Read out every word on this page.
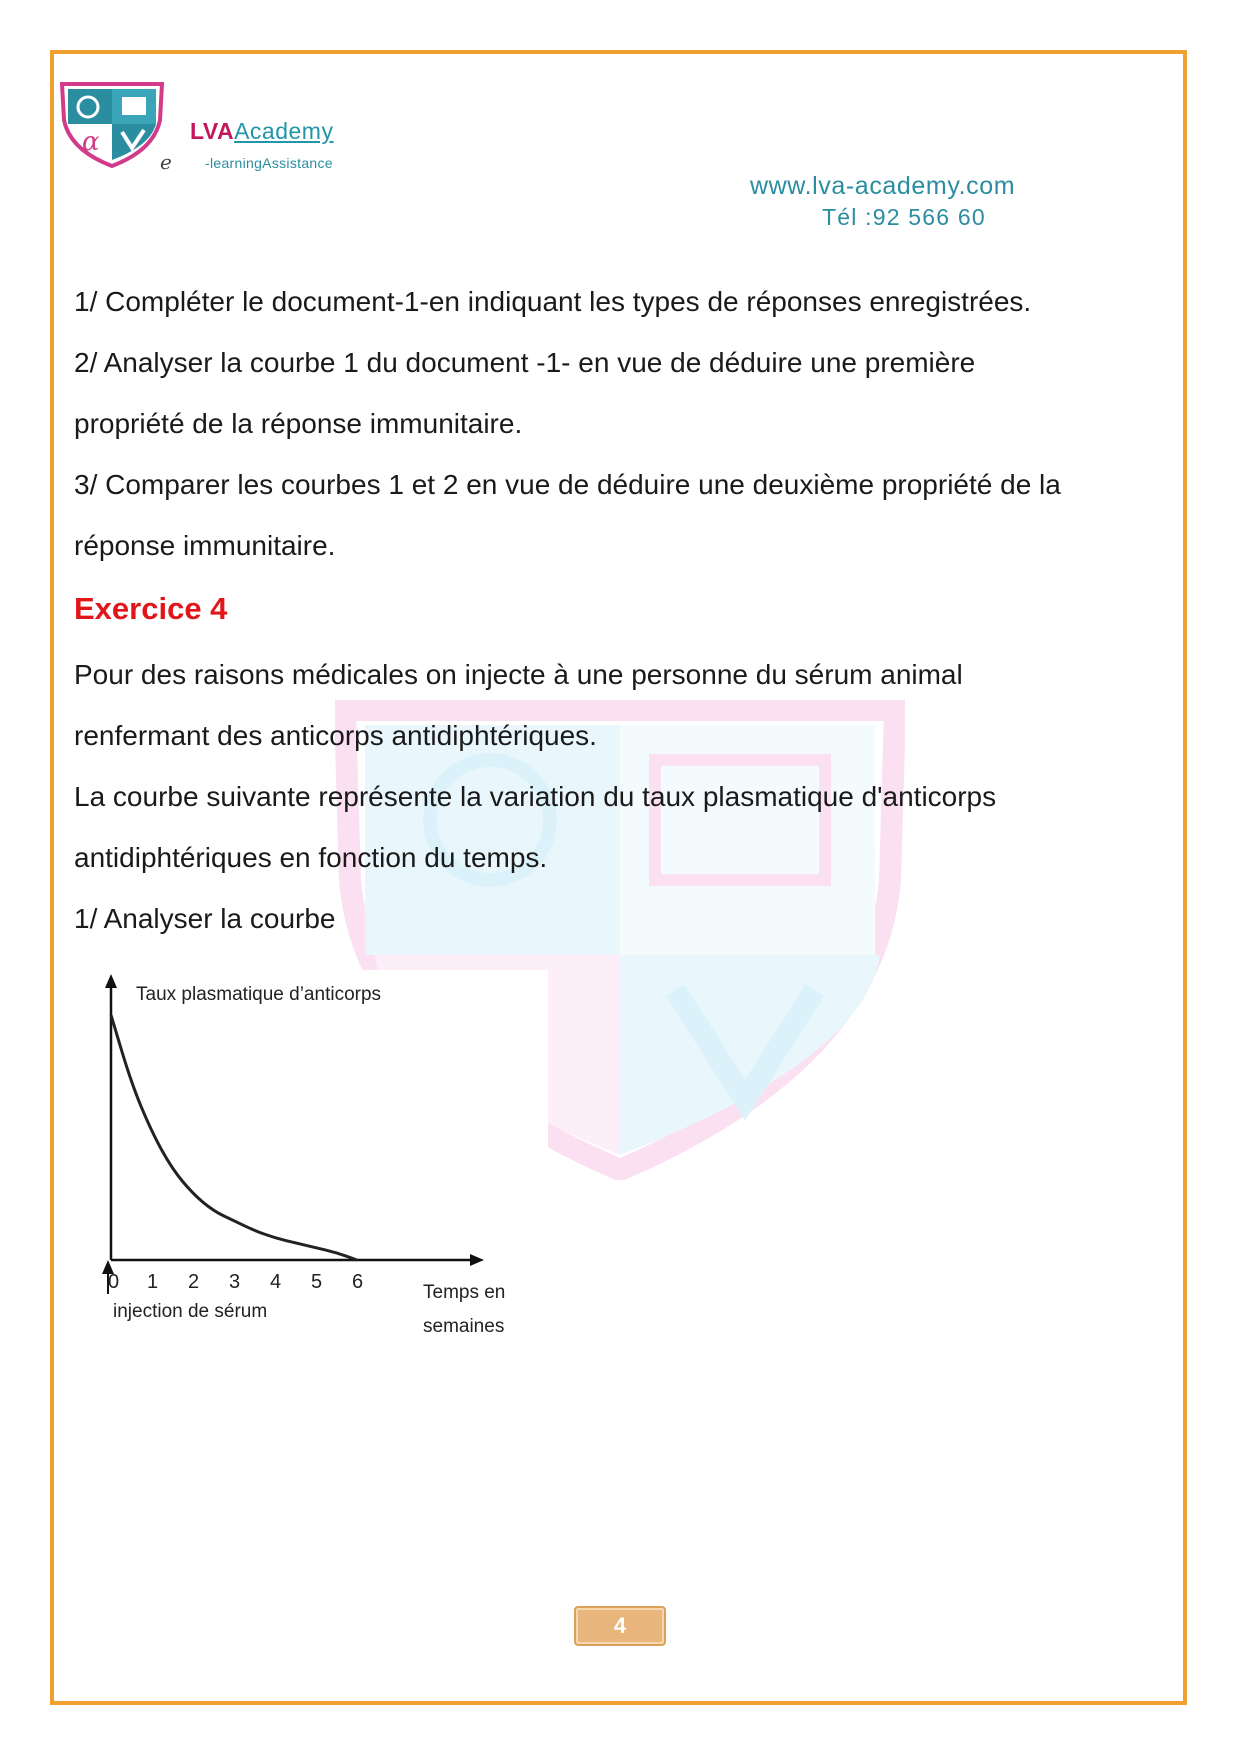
α	LVAAcademy
e -learningAssistance
www.lva-academy.com
Tél :92 566 60
1/ Compléter le document-1-en indiquant les types de réponses enregistrées.
2/ Analyser la courbe 1 du document -1- en vue de déduire une première
propriété de la réponse immunitaire.
3/ Comparer les courbes 1 et 2 en vue de déduire une deuxième propriété de la
réponse immunitaire.
Exercice 4
Pour des raisons médicales on injecte à une personne du sérum animal
renfermant des anticorps antidiphtériques.
La courbe suivante représente la variation du taux plasmatique d'anticorps
antidiphtériques en fonction du temps.
1/ Analyser la courbe
Taux plasmatique d’anticorps
injection de sérum
Temps en
semaines
0 1 2 3 4 5 6
4
